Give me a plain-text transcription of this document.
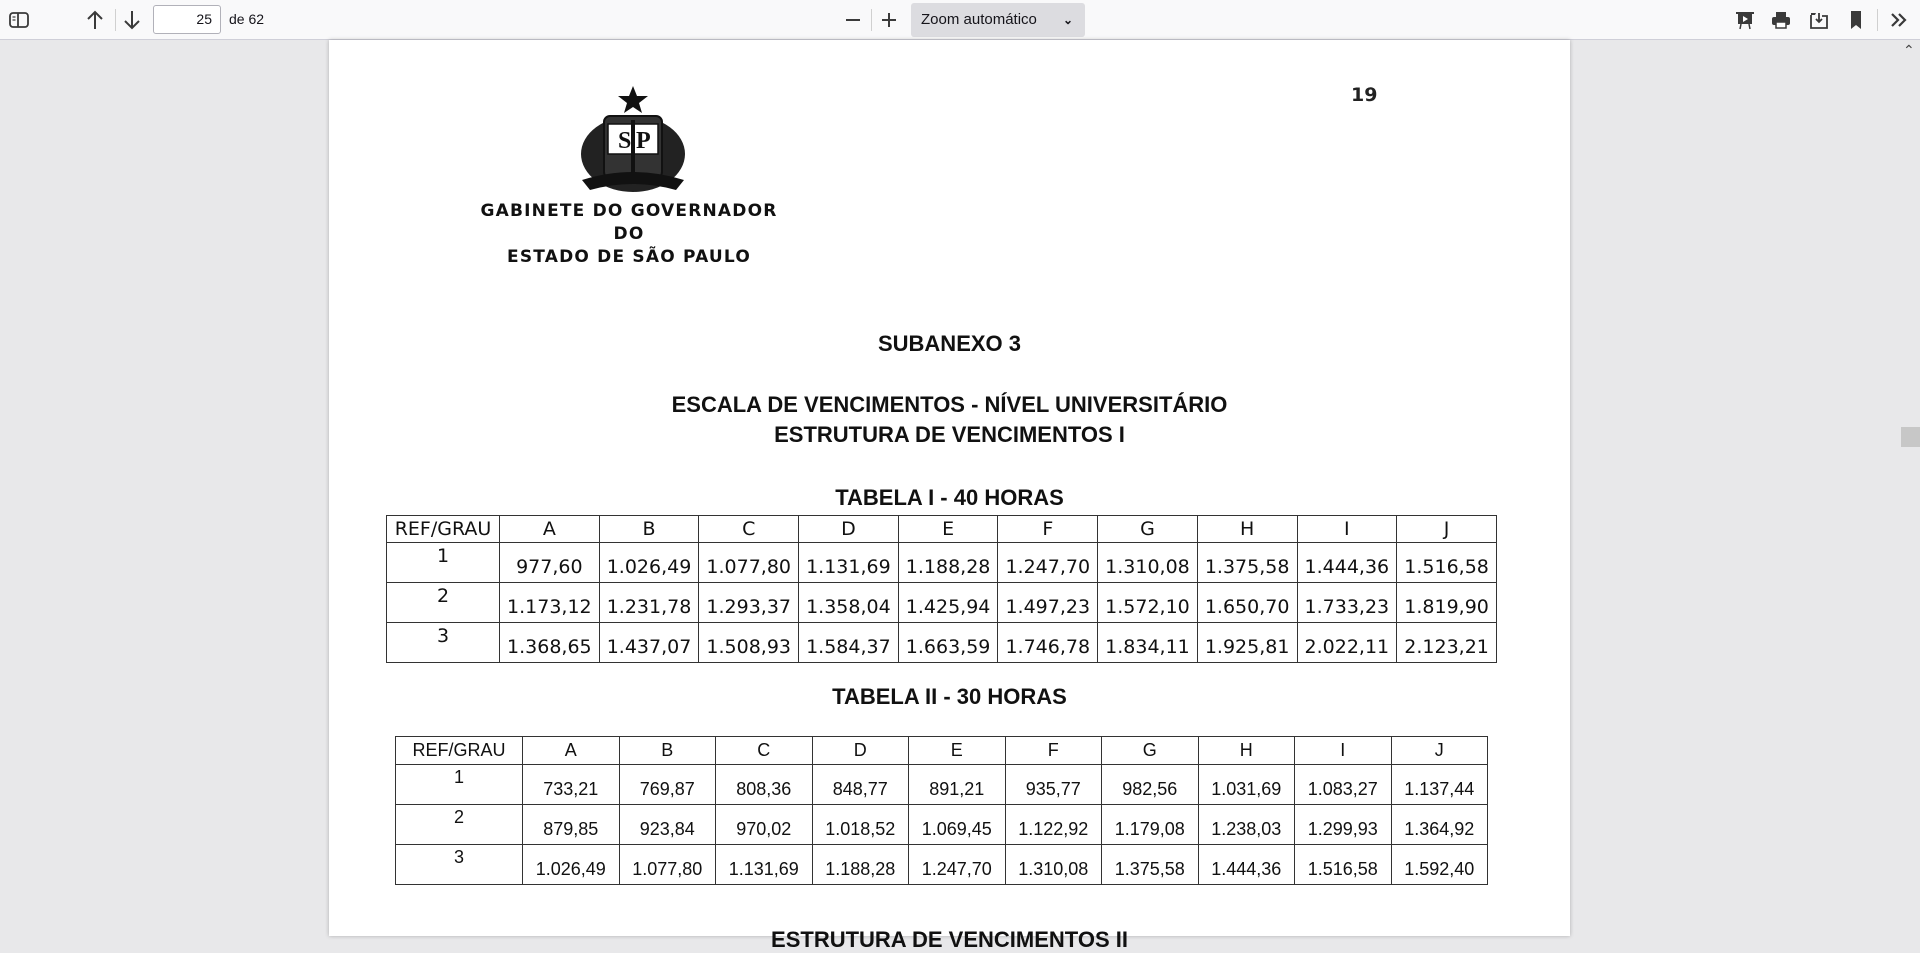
25	de 62	Zoom automático ⌄
19
S P
GABINETE DO GOVERNADOR
DO
ESTADO DE SÃO PAULO
SUBANEXO 3
ESCALA DE VENCIMENTOS - NÍVEL UNIVERSITÁRIO
ESTRUTURA DE VENCIMENTOS I
TABELA I - 40 HORAS
REF/GRAU	A	B	C	D	E	F	G	H	I	J
1	977,60	1.026,49	1.077,80	1.131,69	1.188,28	1.247,70	1.310,08	1.375,58	1.444,36	1.516,58
2	1.173,12	1.231,78	1.293,37	1.358,04	1.425,94	1.497,23	1.572,10	1.650,70	1.733,23	1.819,90
3	1.368,65	1.437,07	1.508,93	1.584,37	1.663,59	1.746,78	1.834,11	1.925,81	2.022,11	2.123,21
TABELA II - 30 HORAS
REF/GRAU	A	B	C	D	E	F	G	H	I	J
1	733,21	769,87	808,36	848,77	891,21	935,77	982,56	1.031,69	1.083,27	1.137,44
2	879,85	923,84	970,02	1.018,52	1.069,45	1.122,92	1.179,08	1.238,03	1.299,93	1.364,92
3	1.026,49	1.077,80	1.131,69	1.188,28	1.247,70	1.310,08	1.375,58	1.444,36	1.516,58	1.592,40
ESTRUTURA DE VENCIMENTOS II
⌃
